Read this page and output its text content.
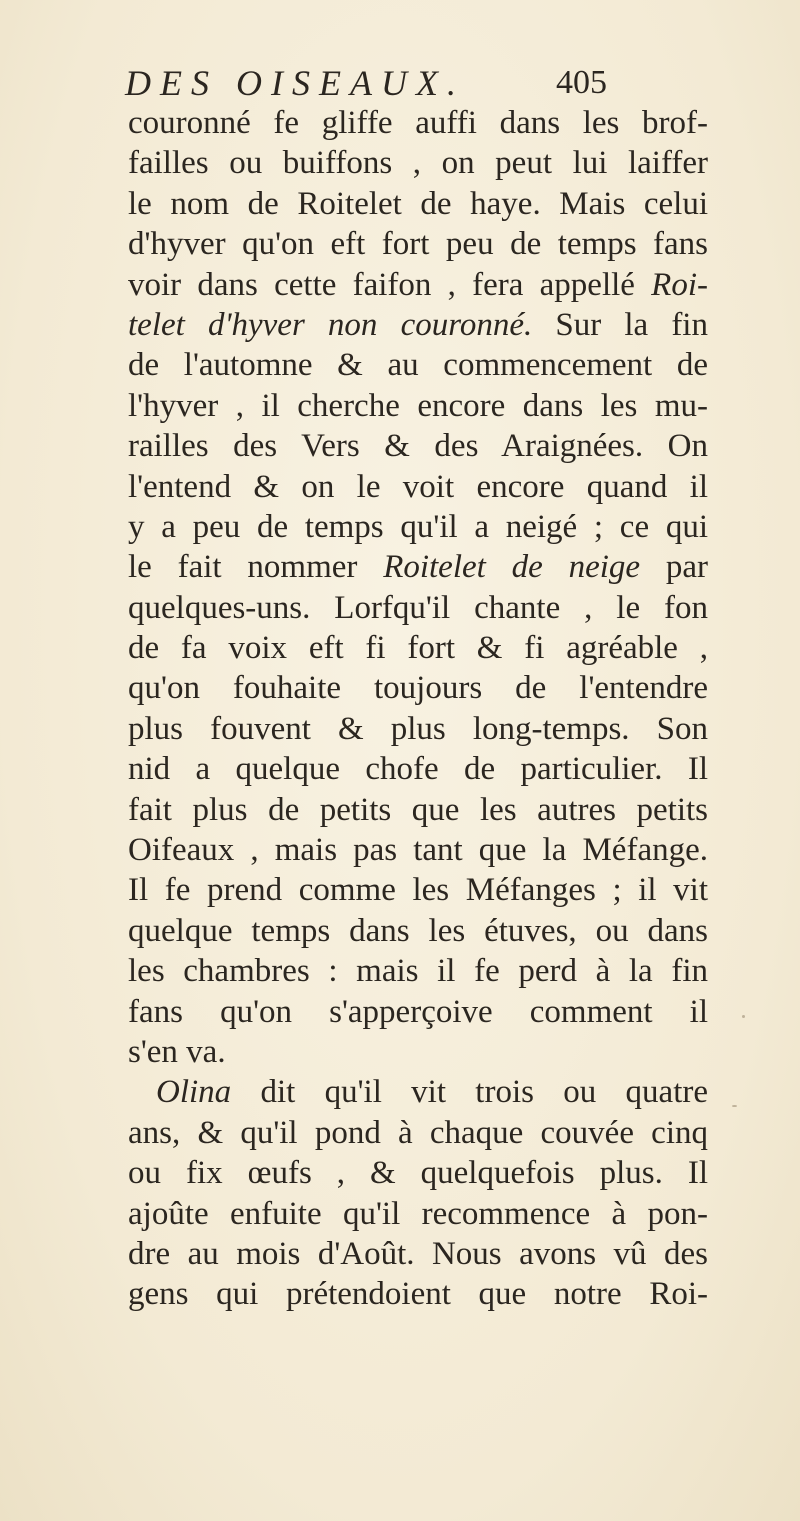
DES OISEAUX.	405
couronné fe gliffe auffi dans les brof-
failles ou buiffons , on peut lui laiffer
le nom de Roitelet de haye. Mais celui
d'hyver qu'on eft fort peu de temps fans
voir dans cette faifon , fera appellé Roi-
telet d'hyver non couronné. Sur la fin
de l'automne & au commencement de
l'hyver , il cherche encore dans les mu-
railles des Vers & des Araignées. On
l'entend & on le voit encore quand il
y a peu de temps qu'il a neigé ; ce qui
le fait nommer Roitelet de neige par
quelques-uns. Lorfqu'il chante , le fon
de fa voix eft fi fort & fi agréable ,
qu'on fouhaite toujours de l'entendre
plus fouvent & plus long-temps. Son
nid a quelque chofe de particulier. Il
fait plus de petits que les autres petits
Oifeaux , mais pas tant que la Méfange.
Il fe prend comme les Méfanges ; il vit
quelque temps dans les étuves, ou dans
les chambres : mais il fe perd à la fin
fans qu'on s'apperçoive comment il
s'en va.
Olina dit qu'il vit trois ou quatre
ans, & qu'il pond à chaque couvée cinq
ou fix œufs , & quelquefois plus. Il
ajoûte enfuite qu'il recommence à pon-
dre au mois d'Août. Nous avons vû des
gens qui prétendoient que notre Roi-
